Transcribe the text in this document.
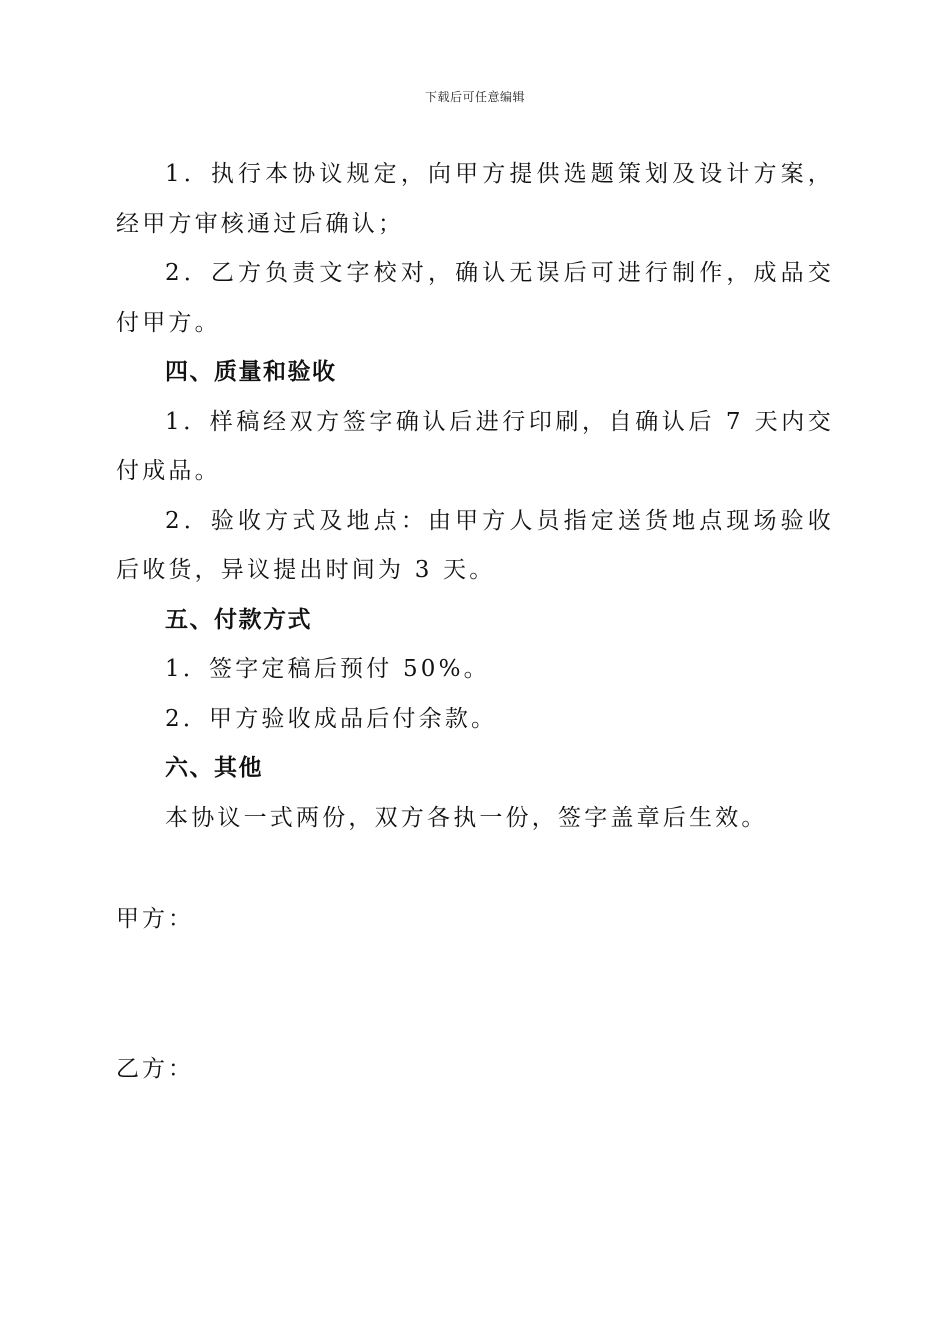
下载后可任意编辑

1．执行本协议规定，向甲方提供选题策划及设计方案，经甲方审核通过后确认；

2．乙方负责文字校对，确认无误后可进行制作，成品交付甲方。

四、质量和验收

1．样稿经双方签字确认后进行印刷，自确认后 7 天内交付成品。

2．验收方式及地点：由甲方人员指定送货地点现场验收后收货，异议提出时间为 3 天。

五、付款方式

1．签字定稿后预付 50%。

2．甲方验收成品后付余款。

六、其他

本协议一式两份，双方各执一份，签字盖章后生效。

甲方：

乙方：
